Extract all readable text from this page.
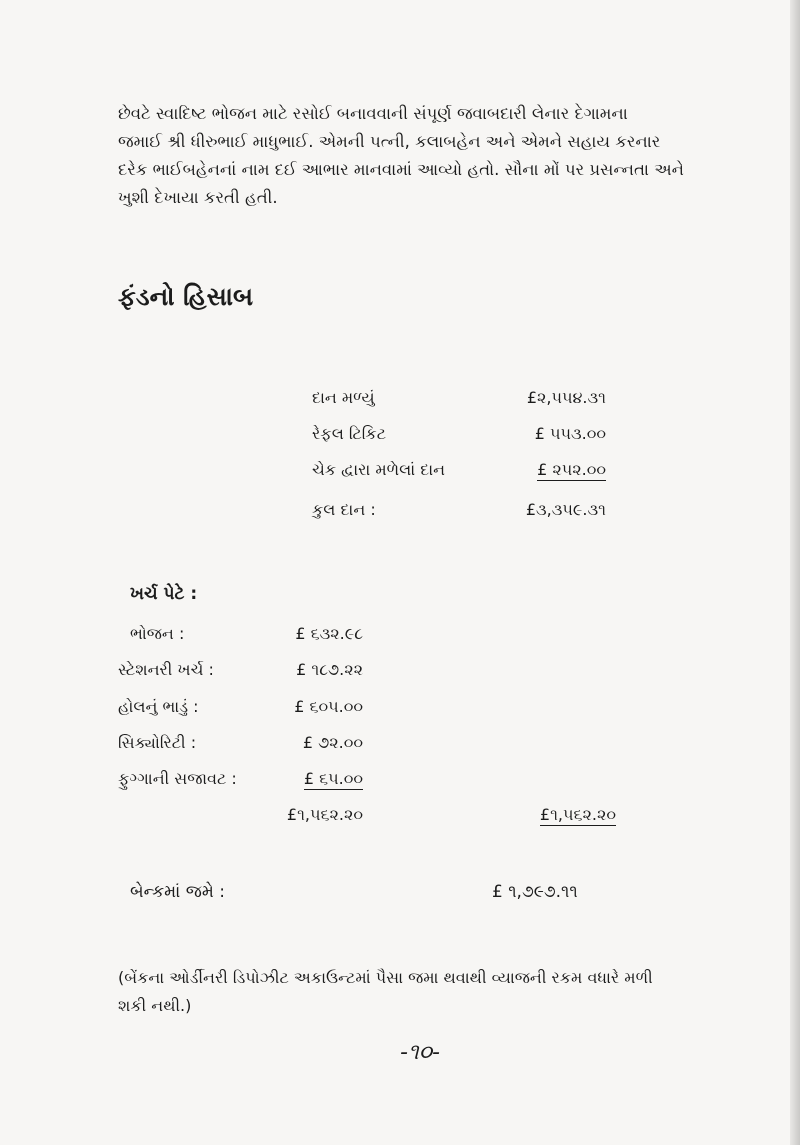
છેવટે સ્વાદિષ્ટ ભોજન માટે રસોઈ બનાવવાની સંપૂર્ણ જવાબદારી લેનાર દેગામના
જમાઈ શ્રી ધીરુભાઈ માધુભાઈ. એમની પત્ની, કલાબહેન અને એમને સહાય કરનાર
દરેક ભાઈબહેનનાં નામ દઈ આભાર માનવામાં આવ્યો હતો. સૌના મોં પર પ્રસન્નતા અને
ખુશી દેખાયા કરતી હતી.
ફંડનો હિસાબ
દાન મળ્યું	£૨,૫૫૪.૩૧
રેફલ ટિકિટ	£ ૫૫૩.૦૦
ચેક દ્વારા મળેલાં દાન	£ ૨૫૨.૦૦
કુલ દાન :	£૩,૩૫૯.૩૧
ખર્ચ પેટે :
ભોજન :	£ ૬૩૨.૯૮
સ્ટેશનરી ખર્ચ :	£ ૧૮૭.૨૨
હોલનું ભાડું :	£ ૬૦૫.૦૦
સિક્યોરિટી :	£ ૭૨.૦૦
ફુગ્ગાની સજાવટ :	£ ૬૫.૦૦
£૧,૫૬૨.૨૦	£૧,૫૬૨.૨૦
બેન્કમાં જમે :	£ ૧,૭૯૭.૧૧
(બેંકના ઓર્ડીનરી ડિપોઝીટ અકાઉન્ટમાં પૈસા જમા થવાથી વ્યાજની રકમ વધારે મળી
શકી નથી.)
-૧૦-
